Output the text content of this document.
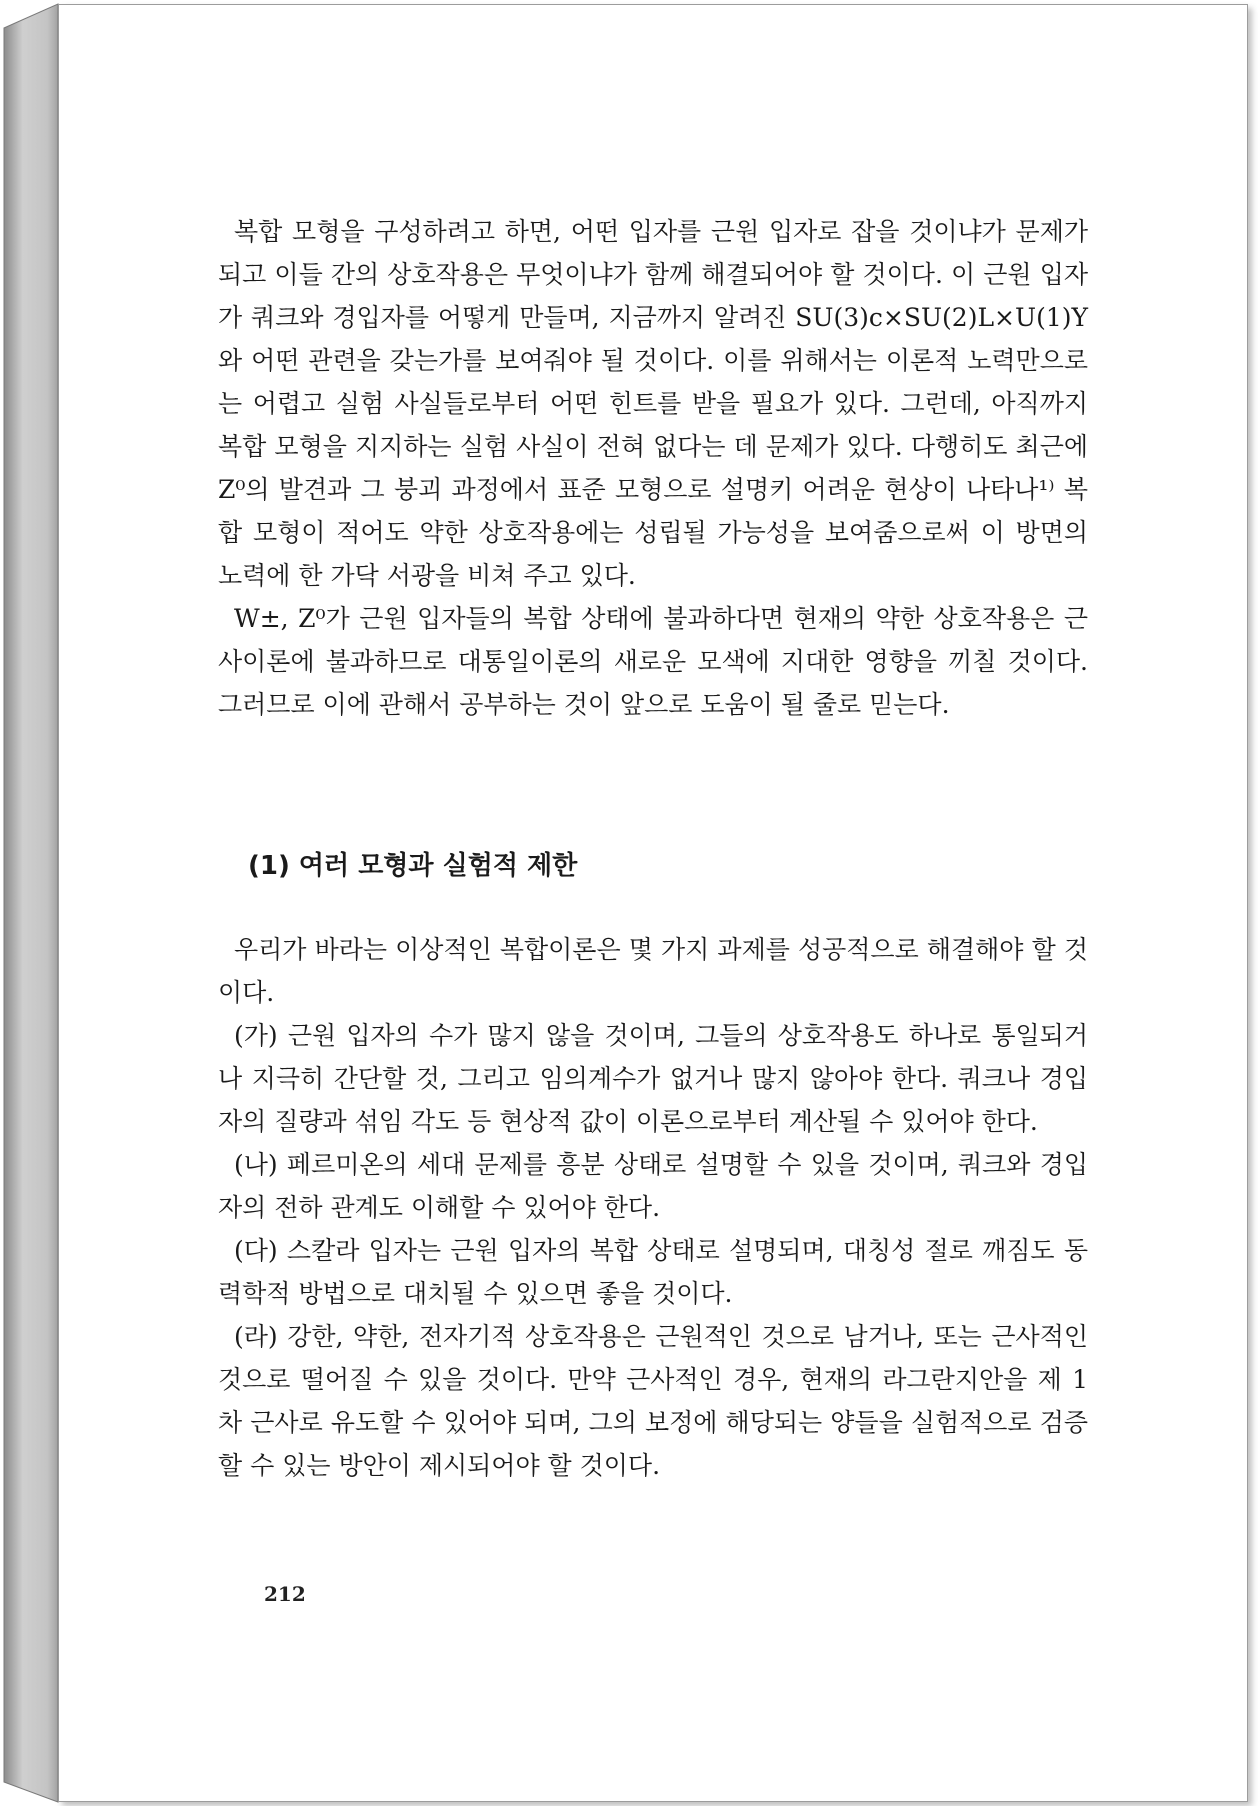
복합 모형을 구성하려고 하면, 어떤 입자를 근원 입자로 잡을 것이냐가 문제가 되고 이들 간의 상호작용은 무엇이냐가 함께 해결되어야 할 것이다. 이 근원 입자가 쿼크와 경입자를 어떻게 만들며, 지금까지 알려진 SU(3)c×SU(2)L×U(1)Y와 어떤 관련을 갖는가를 보여줘야 될 것이다. 이를 위해서는 이론적 노력만으로는 어렵고 실험 사실들로부터 어떤 힌트를 받을 필요가 있다. 그런데, 아직까지 복합 모형을 지지하는 실험 사실이 전혀 없다는 데 문제가 있다. 다행히도 최근에 Z⁰의 발견과 그 붕괴 과정에서 표준 모형으로 설명키 어려운 현상이 나타나¹⁾ 복합 모형이 적어도 약한 상호작용에는 성립될 가능성을 보여줌으로써 이 방면의 노력에 한 가닥 서광을 비쳐 주고 있다.

W±, Z⁰가 근원 입자들의 복합 상태에 불과하다면 현재의 약한 상호작용은 근사이론에 불과하므로 대통일이론의 새로운 모색에 지대한 영향을 끼칠 것이다. 그러므로 이에 관해서 공부하는 것이 앞으로 도움이 될 줄로 믿는다.

(1) 여러 모형과 실험적 제한

우리가 바라는 이상적인 복합이론은 몇 가지 과제를 성공적으로 해결해야 할 것이다.

(가) 근원 입자의 수가 많지 않을 것이며, 그들의 상호작용도 하나로 통일되거나 지극히 간단할 것, 그리고 임의계수가 없거나 많지 않아야 한다. 쿼크나 경입자의 질량과 섞임 각도 등 현상적 값이 이론으로부터 계산될 수 있어야 한다.

(나) 페르미온의 세대 문제를 흥분 상태로 설명할 수 있을 것이며, 쿼크와 경입자의 전하 관계도 이해할 수 있어야 한다.

(다) 스칼라 입자는 근원 입자의 복합 상태로 설명되며, 대칭성 절로 깨짐도 동력학적 방법으로 대치될 수 있으면 좋을 것이다.

(라) 강한, 약한, 전자기적 상호작용은 근원적인 것으로 남거나, 또는 근사적인 것으로 떨어질 수 있을 것이다. 만약 근사적인 경우, 현재의 라그란지안을 제 1 차 근사로 유도할 수 있어야 되며, 그의 보정에 해당되는 양들을 실험적으로 검증할 수 있는 방안이 제시되어야 할 것이다.

212
